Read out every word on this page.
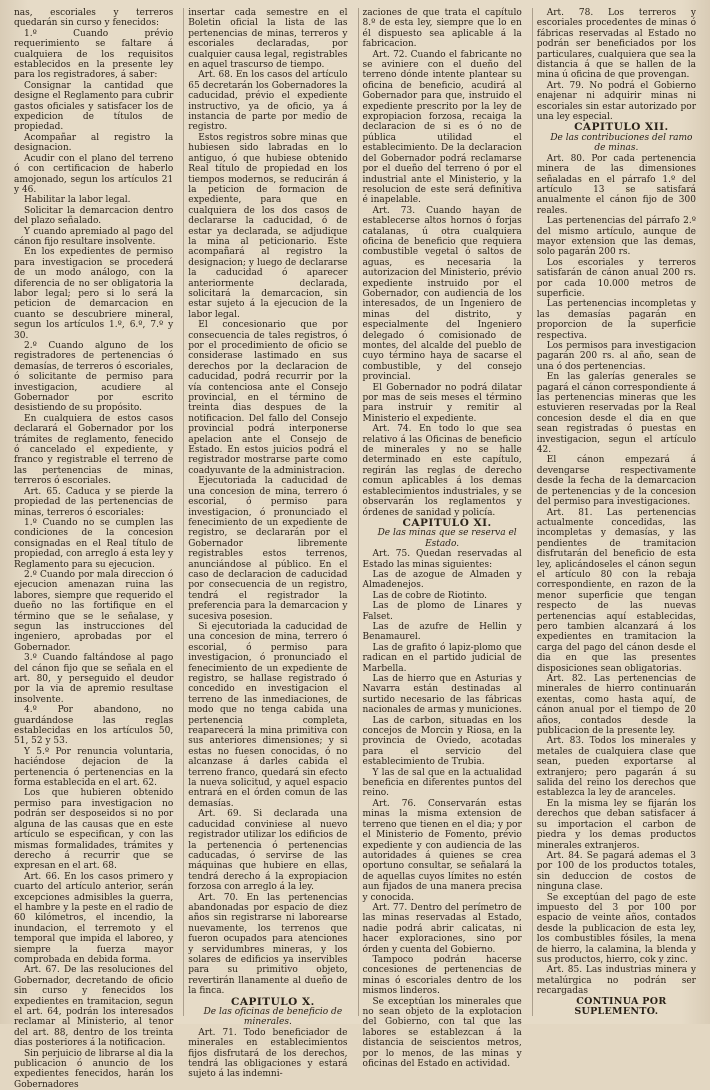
nas, escoriales y terreros quedarán sin curso y fenecidos:

1.º Cuando prévio requerimiento se faltare á cualquiera de los requisitos establecidos en la presente ley para los registradores, á saber:

Consignar la cantidad que designe el Reglamento para cubrir gastos oficiales y satisfacer los de expedicion de títulos de propiedad.

Acompañar al registro la designacion.

Acudir con el plano del terreno ó con certificacion de haberlo amojonado, segun los artículos 21 y 46.

Habilitar la labor legal.

Solicitar la demarcacion dentro del plazo señalado.

Y cuando apremiado al pago del cánon fijo resultare insolvente.

En los expedientes de permiso para investigacion se procederá de un modo análogo, con la diferencia de no ser obligatoria la labor legal; pero si lo será la peticion de demarcacion en cuanto se descubriere mineral, segun los artículos 1.º, 6.º, 7.º y 30.

2.º Cuando alguno de los registradores de pertenencias ó demasías, de terreros ó escoriales, ó solicitante de permiso para investigacion, acudiere al Gobernador por escrito desistiendo de su propósito.

En cualquiera de estos casos declarará el Gobernador por los trámites de reglamento, fenecido ó cancelado el expediente, y franco y registrable el terreno de las pertenencias de minas, terreros ó escoriales.

Art. 65. Caduca y se pierde la propiedad de las pertenencias de minas, terreros ó escoriales:

1.º Cuando no se cumplen las condiciones de la concesion consignadas en el Real título de propiedad, con arreglo á esta ley y Reglamento para su ejecucion.

2.º Cuando por mala direccion ó ejecucion amenazan ruina las labores, siempre que requerido el dueño no las fortifique en el término que se le señalase, y segun las instrucciones del ingeniero, aprobadas por el Gobernador.

3.º Cuando faltándose al pago del cánon fijo que se señala en el art. 80, y perseguido el deudor por la via de apremio resultase insolvente.

4.º Por abandono, no guardándose las reglas establecidas en los artículos 50, 51, 52 y 53.

Y 5.º Por renuncia voluntaria, haciéndose dejacion de la pertenencia ó pertenencias en la forma establecida en el art. 62.

Los que hubieren obtenido permiso para investigacion no podrán ser desposeidos si no por alguna de las causas que en este artículo se especifican, y con las mismas formalidades, trámites y derecho á recurrir que se expresan en el art. 68.

Art. 66. En los casos primero y cuarto del artículo anterior, serán excepciones admisibles la guerra, el hambre y la peste en el radio de 60 kilómetros, el incendio, la inundacion, el terremoto y el temporal que impida el laboreo, y siempre la fuerza mayor comprobada en debida forma.

Art. 67. De las resoluciones del Gobernador, decretando de oficio sin curso y fenecidos los expedientes en tramitacion, segun el art. 64, podrán los interesados reclamar al Ministerio, al tenor del art. 88, dentro de los treinta dias posteriores á la notificacion.

Sin perjuicio de librarse al dia la publicacion ó anuncio de los expedientes fenecidos, harán los Gobernadores

insertar cada semestre en el Boletin oficial la lista de las pertenencias de minas, terreros y escoriales declaradas, por cualquier causa legal, registrables en aquel trascurso de tiempo.

Art. 68. En los casos del artículo 65 decretarán los Gobernadores la caducidad, prévio el expediente instructivo, ya de oficio, ya á instancia de parte por medio de registro.

Estos registros sobre minas que hubiesen sido labradas en lo antiguo, ó que hubiese obtenido Real título de propiedad en los tiempos modernos, se reducirán á la peticion de formacion de expediente, para que en cualquiera de los dos casos de declararse la caducidad, ó de estar ya declarada, se adjudique la mina al peticionario. Este acompañará al registro la designacion; y luego de declararse la caducidad ó aparecer anteriormente declarada, solicitará la demarcacion, sin estar sujeto á la ejecucion de la labor legal.

El concesionario que por consecuencia de tales registros, ó por el procedimiento de oficio se considerase lastimado en sus derechos por la declaracion de caducidad, podrá recurrir por la vía contenciosa ante el Consejo provincial, en el término de treinta dias despues de la notificacion. Del fallo del Consejo provincial podrá interponerse apelacion ante el Consejo de Estado. En estos juicios podrá el registrador mostrarse parte como coadyuvante de la administracion.

Ejecutoriada la caducidad de una concesion de mina, terrero ó escorial, ó permiso para investigacion, ó pronunciado el fenecimiento de un expediente de registro, se declararán por el Gobernador libremente registrables estos terrenos, anunciándose al público. En el caso de declaracion de caducidad por consecuencia de un registro, tendrá el registrador la preferencia para la demarcacion y sucesiva posesion.

Si ejecutoriada la caducidad de una concesion de mina, terrero ó escorial, ó permiso para investigacion, ó pronunciado el fenecimiento de un expediente de registro, se hallase registrado ó concedido en investigacion el terreno de las inmediaciones, de modo que no tenga cabida una pertenencia completa, reaparecerá la mina primitiva con sus anteriores dimensiones; y si estas no fuesen conocidas, ó no alcanzase á darles cabida el terreno franco, quedará sin efecto la nueva solicitud, y aquel espacio entrará en el órden comun de las demasías.

Art. 69. Si declarada una caducidad conviniese al nuevo registrador utilizar los edificios de la pertenencia ó pertenencias caducadas, ó servirse de las máquinas que hubiere en ellas, tendrá derecho á la expropiacion forzosa con arreglo á la ley.

Art. 70. En las pertenencias abandonadas por espacio de diez años sin registrarse ni laborearse nuevamente, los terrenos que fueron ocupados para atenciones y servidumbres mineras, y los solares de edificios ya inservibles para su primitivo objeto, revertirán llanamente al dueño de la finca.

CAPITULO X.

De las oficinas de beneficio de minerales.

Art. 71. Todo beneficiador de minerales en establecimientos fijos disfrutará de los derechos, tendrá las obligaciones y estará sujeto á las indemni-

zaciones de que trata el capítulo 8.º de esta ley, siempre que lo en él dispuesto sea aplicable á la fabricacion.

Art. 72. Cuando el fabricante no se aviniere con el dueño del terreno dónde intente plantear su oficina de beneficio, acudirá al Gobernador para que, instruido el expediente prescrito por la ley de expropiacion forzosa, recaiga la declaracion de si es ó no de pública utilidad el establecimiento. De la declaracion del Gobernador podrá reclamarse por el dueño del terreno ó por el industrial ante el Ministerio, y la resolucion de este será definitiva é inapelable.

Art. 73. Cuando hayan de establecerse altos hornos ó forjas catalanas, ú otra cualquiera oficina de beneficio que requiera combustible vegetal ó saltos de aguas, es necesaria la autorizacion del Ministerio, prévio expediente instruido por el Gobernador, con audiencia de los interesados, de un Ingeniero de minas del distrito, y especialmente del Ingeniero delegado ó comisionado de montes, del alcalde del pueblo de cuyo término haya de sacarse el combustible, y del consejo provincial.

El Gobernador no podrá dilatar por mas de seis meses el término para instruir y remitir al Ministerio el expediente.

Art. 74. En todo lo que sea relativo á las Oficinas de beneficio de minerales y no se halle determinado en este capítulo, regirán las reglas de derecho comun aplicables á los demas establecimientos industriales, y se observarán los reglamentos y órdenes de sanidad y policía.

CAPITULO XI.

De las minas que se reserva el Estado.

Art. 75. Quedan reservadas al Estado las minas siguientes:

Las de azogue de Almaden y Almadenejos.

Las de cobre de Riotinto.

Las de plomo de Linares y Falset.

Las de azufre de Hellin y Benamaurel.

Las de grafito ó lapiz-plomo que radican en el partido judicial de Marbella.

Las de hierro que en Asturias y Navarra están destinadas al surtido necesario de las fábricas nacionales de armas y municiones.

Las de carbon, situadas en los concejos de Morcin y Riosa, en la provincia de Oviedo, acotadas para el servicio del establecimiento de Trubia.

Y las de sal que en la actualidad beneficia en diferentes puntos del reino.

Art. 76. Conservarán estas minas la misma extension de terreno que tienen en el dia; y por el Ministerio de Fomento, prévio expediente y con audiencia de las autoridades á quienes se crea oportuno consultar, se señalará la de aquellas cuyos límites no estén aun fijados de una manera precisa y conocida.

Art. 77. Dentro del perímetro de las minas reservadas al Estado, nadie podrá abrir calicatas, ni hacer exploraciones, sino por órden y cuenta del Gobierno.

Tampoco podrán hacerse concesiones de pertenencias de minas ó escoriales dentro de los mismos linderos.

Se exceptúan los minerales que no sean objeto de la explotacion del Gobierno, con tal que las labores se establezcan á la distancia de seiscientos metros, por lo menos, de las minas y oficinas del Estado en actividad.

Art. 78. Los terreros y escoriales procedentes de minas ó fábricas reservadas al Estado no podrán ser beneficiados por los particulares, cualquiera que sea la distancia á que se hallen de la mina ú oficina de que provengan.

Art. 79. No podrá el Gobierno enajenar ni adquirir minas ni escoriales sin estar autorizado por una ley especial.

CAPITULO XII.

De las contribuciones del ramo de minas.

Art. 80. Por cada pertenencia minera de las dimensiones señaladas en el párrafo 1.º del artículo 13 se satisfará anualmente el cánon fijo de 300 reales.

Las pertenencias del párrafo 2.º del mismo artículo, aunque de mayor extension que las demas, solo pagarán 200 rs.

Los escoriales y terreros satisfarán de cánon anual 200 rs. por cada 10.000 metros de superficie.

Las pertenencias incompletas y las demasías pagarán en proporcion de la superficie respectiva.

Los permisos para investigacion pagarán 200 rs. al año, sean de una ó dos pertenencias.

En las galerías generales se pagará el cánon correspondiente á las pertenencias mineras que les estuvieren reservadas por la Real concesion desde el dia en que sean registradas ó puestas en investigacion, segun el artículo 42.

El cánon empezará á devengarse respectivamente desde la fecha de la demarcacion de pertenencias y de la concesion del permiso para investigaciones.

Art. 81. Las pertenencias actualmente concedidas, las incompletas y demasías, y las pendientes de tramitacion disfrutarán del beneficio de esta ley, aplicándoseles el cánon segun el artículo 80 con la rebaja correspondiente, en razon de la menor superficie que tengan respecto de las nuevas pertenencias aquí establecidas, pero tambien alcanzará á los expedientes en tramitacion la carga del pago del cánon desde el dia en que las presentes disposiciones sean obligatorias.

Art. 82. Las pertenencias de minerales de hierro continuarán exentas, como hasta aquí, de cánon anual por el tiempo de 20 años, contados desde la publicacion de la presente ley.

Art. 83. Todos los minerales y metales de cualquiera clase que sean, pueden exportarse al extranjero; pero pagarán á su salida del reino los derechos que establezca la ley de aranceles.

En la misma ley se fijarán los derechos que deban satisfacer á su importacion el carbon de piedra y los demas productos minerales extranjeros.

Art. 84. Se pagará ademas el 3 por 100 de los productos totales, sin deduccion de costos de ninguna clase.

Se exceptúan del pago de este impuesto del 3 por 100 por espacio de veinte años, contados desde la publicacion de esta ley, los combustibles fósiles, la mena de hierro, la calamina, la blenda y sus productos, hierro, cok y zinc.

Art. 85. Las industrias minera y metalúrgica no podrán ser recargadas

CONTINUA POR SUPLEMENTO.
